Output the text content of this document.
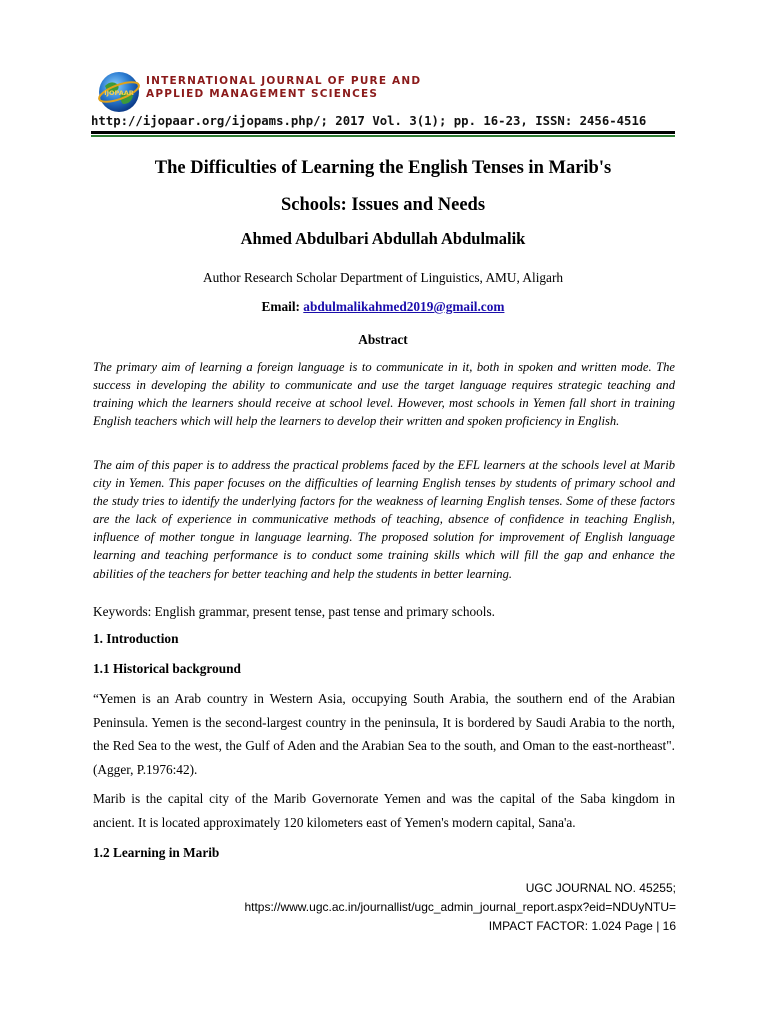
IJOPAAR
INTERNATIONAL JOURNAL OF PURE AND
APPLIED MANAGEMENT SCIENCES
http://ijopaar.org/ijopams.php/; 2017 Vol. 3(1); pp. 16-23, ISSN: 2456-4516
The Difficulties of Learning the English Tenses in Marib's
Schools: Issues and Needs
Ahmed Abdulbari Abdullah Abdulmalik
Author Research Scholar Department of Linguistics, AMU, Aligarh
Email: abdulmalikahmed2019@gmail.com
Abstract
The primary aim of learning a foreign language is to communicate in it, both in spoken and written mode. The success in developing the ability to communicate and use the target language requires strategic teaching and training which the learners should receive at school level. However, most schools in Yemen fall short in training English teachers which will help the learners to develop their written and spoken proficiency in English.
The aim of this paper is to address the practical problems faced by the EFL learners at the schools level at Marib city in Yemen. This paper focuses on the difficulties of learning English tenses by students of primary school and the study tries to identify the underlying factors for the weakness of learning English tenses. Some of these factors are the lack of experience in communicative methods of teaching, absence of confidence in teaching English, influence of mother tongue in language learning. The proposed solution for improvement of English language learning and teaching performance is to conduct some training skills which will fill the gap and enhance the abilities of the teachers for better teaching and help the students in better learning.
Keywords: English grammar, present tense, past tense and primary schools.
1. Introduction
1.1 Historical background
“Yemen is an Arab country in Western Asia, occupying South Arabia, the southern end of the Arabian Peninsula. Yemen is the second-largest country in the peninsula, It is bordered by Saudi Arabia to the north, the Red Sea to the west, the Gulf of Aden and the Arabian Sea to the south, and Oman to the east-northeast". (Agger, P.1976:42).
Marib is the capital city of the Marib Governorate Yemen and was the capital of the Saba kingdom in ancient. It is located approximately 120 kilometers east of Yemen's modern capital, Sana'a.
1.2 Learning in Marib
UGC JOURNAL NO. 45255;
https://www.ugc.ac.in/journallist/ugc_admin_journal_report.aspx?eid=NDUyNTU=
IMPACT FACTOR: 1.024 Page | 16
